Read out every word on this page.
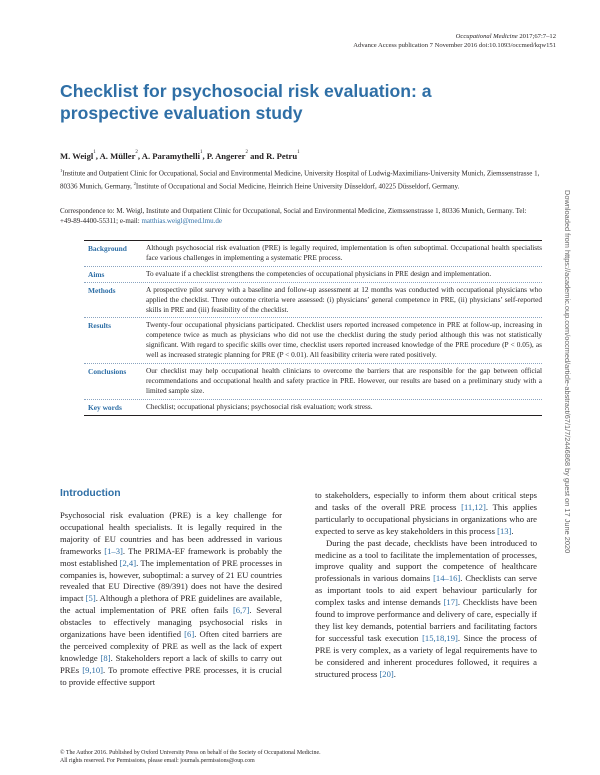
Occupational Medicine 2017;67:7–12
Advance Access publication 7 November 2016 doi:10.1093/occmed/kqw151
Checklist for psychosocial risk evaluation: a prospective evaluation study
M. Weigl$^1$, A. Müller$^2$, A. Paramythelli$^1$, P. Angerer$^2$ and R. Petru$^1$
$^1$Institute and Outpatient Clinic for Occupational, Social and Environmental Medicine, University Hospital of Ludwig-Maximilians-University Munich, Ziemssenstrasse 1, 80336 Munich, Germany, $^2$Institute of Occupational and Social Medicine, Heinrich Heine University Düsseldorf, 40225 Düsseldorf, Germany.
Correspondence to: M. Weigl, Institute and Outpatient Clinic for Occupational, Social and Environmental Medicine, Ziemssenstrasse 1, 80336 Munich, Germany. Tel: +49-89-4400-55311; e-mail: matthias.weigl@med.lmu.de
Background	Although psychosocial risk evaluation (PRE) is legally required, implementation is often suboptimal. Occupational health specialists face various challenges in implementing a systematic PRE process.
Aims	To evaluate if a checklist strengthens the competencies of occupational physicians in PRE design and implementation.
Methods	A prospective pilot survey with a baseline and follow-up assessment at 12 months was conducted with occupational physicians who applied the checklist. Three outcome criteria were assessed: (i) physicians’ general competence in PRE, (ii) physicians’ self-reported skills in PRE and (iii) feasibility of the checklist.
Results	Twenty-four occupational physicians participated. Checklist users reported increased competence in PRE at follow-up, increasing in competence twice as much as physicians who did not use the checklist during the study period although this was not statistically significant. With regard to specific skills over time, checklist users reported increased knowledge of the PRE procedure (P < 0.05), as well as increased strategic planning for PRE (P < 0.01). All feasibility criteria were rated positively.
Conclusions	Our checklist may help occupational health clinicians to overcome the barriers that are responsible for the gap between official recommendations and occupational health and safety practice in PRE. However, our results are based on a preliminary study with a limited sample size.
Key words	Checklist; occupational physicians; psychosocial risk evaluation; work stress.
Introduction

Psychosocial risk evaluation (PRE) is a key challenge for occupational health specialists. It is legally required in the majority of EU countries and has been addressed in various frameworks [1–3]. The PRIMA-EF framework is probably the most established [2,4]. The implementation of PRE processes in companies is, however, suboptimal: a survey of 21 EU countries revealed that EU Directive (89/391) does not have the desired impact [5]. Although a plethora of PRE guidelines are available, the actual implementation of PRE often fails [6,7]. Several obstacles to effectively managing psychosocial risks in organizations have been identified [6]. Often cited barriers are the perceived complexity of PRE as well as the lack of expert knowledge [8]. Stakeholders report a lack of skills to carry out PREs [9,10]. To promote effective PRE processes, it is crucial to provide effective support

to stakeholders, especially to inform them about critical steps and tasks of the overall PRE process [11,12]. This applies particularly to occupational physicians in organizations who are expected to serve as key stakeholders in this process [13].

During the past decade, checklists have been introduced to medicine as a tool to facilitate the implementation of processes, improve quality and support the competence of healthcare professionals in various domains [14–16]. Checklists can serve as important tools to aid expert behaviour particularly for complex tasks and intense demands [17]. Checklists have been found to improve performance and delivery of care, especially if they list key demands, potential barriers and facilitating factors for successful task execution [15,18,19]. Since the process of PRE is very complex, as a variety of legal requirements have to be considered and inherent procedures followed, it requires a structured process [20].

© The Author 2016. Published by Oxford University Press on behalf of the Society of Occupational Medicine.
All rights reserved. For Permissions, please email: journals.permissions@oup.com
Downloaded from https://academic.oup.com/occmed/article-abstract/67/1/7/2446868 by guest on 17 June 2020
